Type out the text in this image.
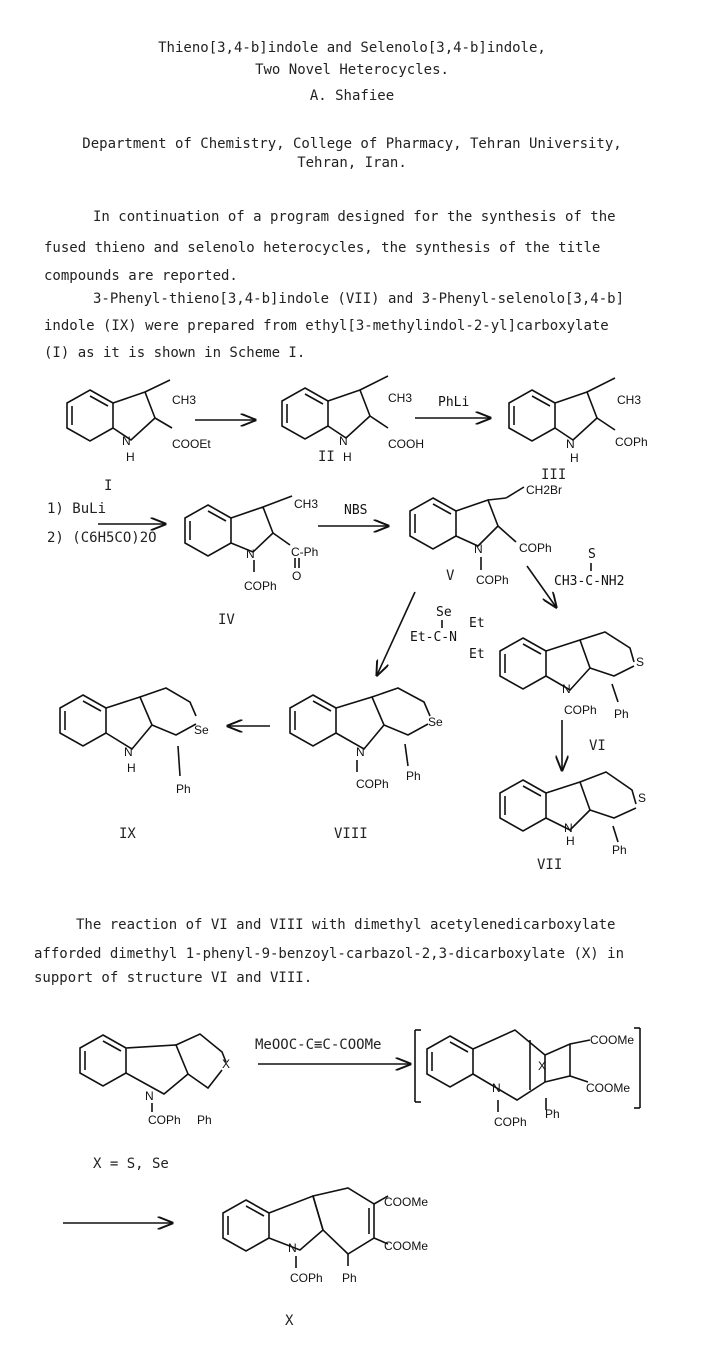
Thieno[3,4-b]indole and Selenolo[3,4-b]indole,
Two Novel Heterocycles.
A. Shafiee
Department of Chemistry, College of Pharmacy, Tehran University,
Tehran, Iran.
In continuation of a program designed for the synthesis of the
fused thieno and selenolo heterocycles, the synthesis of the title
compounds are reported.
3-Phenyl-thieno[3,4-b]indole (VII) and 3-Phenyl-selenolo[3,4-b]
indole (IX) were prepared from ethyl[3-methylindol-2-yl]carboxylate
(I) as it is shown in Scheme I.
CH3
COOEt
N
H
CH3
COOH
N
H
PhLi	CH3
COPh
N
H
CH3
N	C-Ph
O
COPh
NBS
CH2Br
N	COPh
COPh
S
CH3-C-NH2
Se
Et
Et-C-N
Et	S
N
COPh Ph
S
N
H
Ph
Se
N
Ph
COPh
Se
N
H
Ph
X
N
COPh Ph
X
COOMe
COOMe
N
COPh
Ph
COOMe
COOMe
N
COPh Ph
I
II
III
1) BuLi
2) (C6H5CO)2O
IV
V
VI
VII
VIII
IX
The reaction of VI and VIII with dimethyl acetylenedicarboxylate
afforded dimethyl 1-phenyl-9-benzoyl-carbazol-2,3-dicarboxylate (X) in
support of structure VI and VIII.
MeOOC-C≡C-COOMe
X = S, Se
X
